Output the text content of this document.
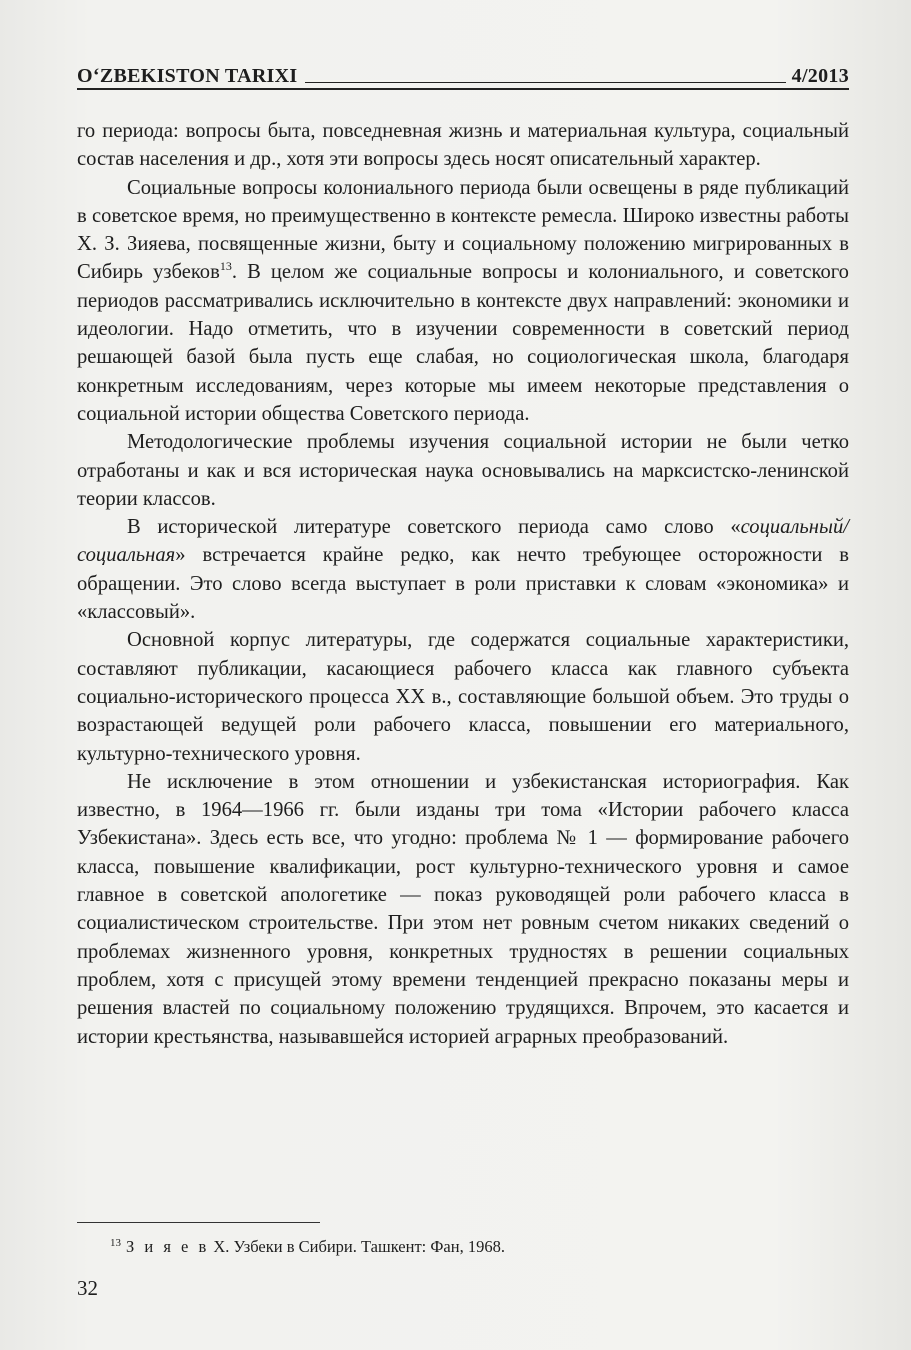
O‘ZBEKISTON TARIXI	4/2013

го периода: вопросы быта, повседневная жизнь и материальная культура, социальный состав населения и др., хотя эти вопросы здесь носят описательный характер.

Социальные вопросы колониального периода были освещены в ряде публикаций в советское время, но преимущественно в контексте ремесла. Широко известны работы Х. З. Зияева, посвященные жизни, быту и социальному положению мигрированных в Сибирь узбеков$^{13}$. В целом же социальные вопросы и колониального, и советского периодов рассматривались исключительно в контексте двух направлений: экономики и идеологии. Надо отметить, что в изучении современности в советский период решающей базой была пусть еще слабая, но социологическая школа, благодаря конкретным исследованиям, через которые мы имеем некоторые представления о социальной истории общества Советского периода.

Методологические проблемы изучения социальной истории не были четко отработаны и как и вся историческая наука основывались на марксистско-ленинской теории классов.

В исторической литературе советского периода само слово «социальный/социальная» встречается крайне редко, как нечто требующее осторожности в обращении. Это слово всегда выступает в роли приставки к словам «экономика» и «классовый».

Основной корпус литературы, где содержатся социальные характеристики, составляют публикации, касающиеся рабочего класса как главного субъекта социально-исторического процесса XX в., составляющие большой объем. Это труды о возрастающей ведущей роли рабочего класса, повышении его материального, культурно-технического уровня.

Не исключение в этом отношении и узбекистанская историография. Как известно, в 1964—1966 гг. были изданы три тома «Истории рабочего класса Узбекистана». Здесь есть все, что угодно: проблема № 1 — формирование рабочего класса, повышение квалификации, рост культурно-технического уровня и самое главное в советской апологетике — показ руководящей роли рабочего класса в социалистическом строительстве. При этом нет ровным счетом никаких сведений о проблемах жизненного уровня, конкретных трудностях в решении социальных проблем, хотя с присущей этому времени тенденцией прекрасно показаны меры и решения властей по социальному положению трудящихся. Впрочем, это касается и истории крестьянства, называвшейся историей аграрных преобразований.

$^{13}$ З и я е в Х. Узбеки в Сибири. Ташкент: Фан, 1968.
32
